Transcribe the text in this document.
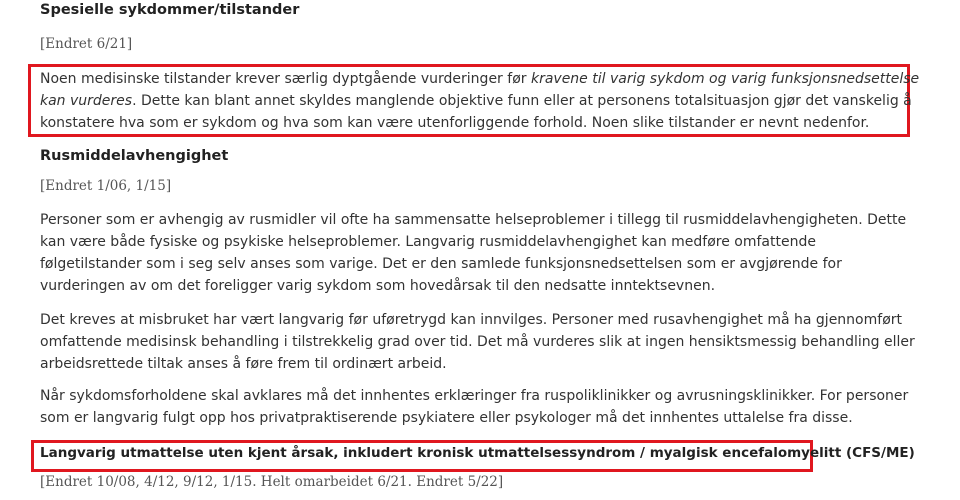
Spesielle sykdommer/tilstander

[Endret 6/21]

Noen medisinske tilstander krever særlig dyptgående vurderinger før kravene til varig sykdom og varig funksjonsnedsettelse kan vurderes. Dette kan blant annet skyldes manglende objektive funn eller at personens totalsituasjon gjør det vanskelig å konstatere hva som er sykdom og hva som kan være utenforliggende forhold. Noen slike tilstander er nevnt nedenfor.

Rusmiddelavhengighet

[Endret 1/06, 1/15]

Personer som er avhengig av rusmidler vil ofte ha sammensatte helseproblemer i tillegg til rusmiddelavhengigheten. Dette kan være både fysiske og psykiske helseproblemer. Langvarig rusmiddelavhengighet kan medføre omfattende følgetilstander som i seg selv anses som varige. Det er den samlede funksjonsnedsettelsen som er avgjørende for vurderingen av om det foreligger varig sykdom som hovedårsak til den nedsatte inntektsevnen.

Det kreves at misbruket har vært langvarig før uføretrygd kan innvilges. Personer med rusavhengighet må ha gjennomført omfattende medisinsk behandling i tilstrekkelig grad over tid. Det må vurderes slik at ingen hensiktsmessig behandling eller arbeidsrettede tiltak anses å føre frem til ordinært arbeid.

Når sykdomsforholdene skal avklares må det innhentes erklæringer fra ruspoliklinikker og avrusningsklinikker. For personer som er langvarig fulgt opp hos privatpraktiserende psykiatere eller psykologer må det innhentes uttalelse fra disse.

Langvarig utmattelse uten kjent årsak, inkludert kronisk utmattelsessyndrom / myalgisk encefalomyelitt (CFS/ME)

[Endret 10/08, 4/12, 9/12, 1/15. Helt omarbeidet 6/21. Endret 5/22]
